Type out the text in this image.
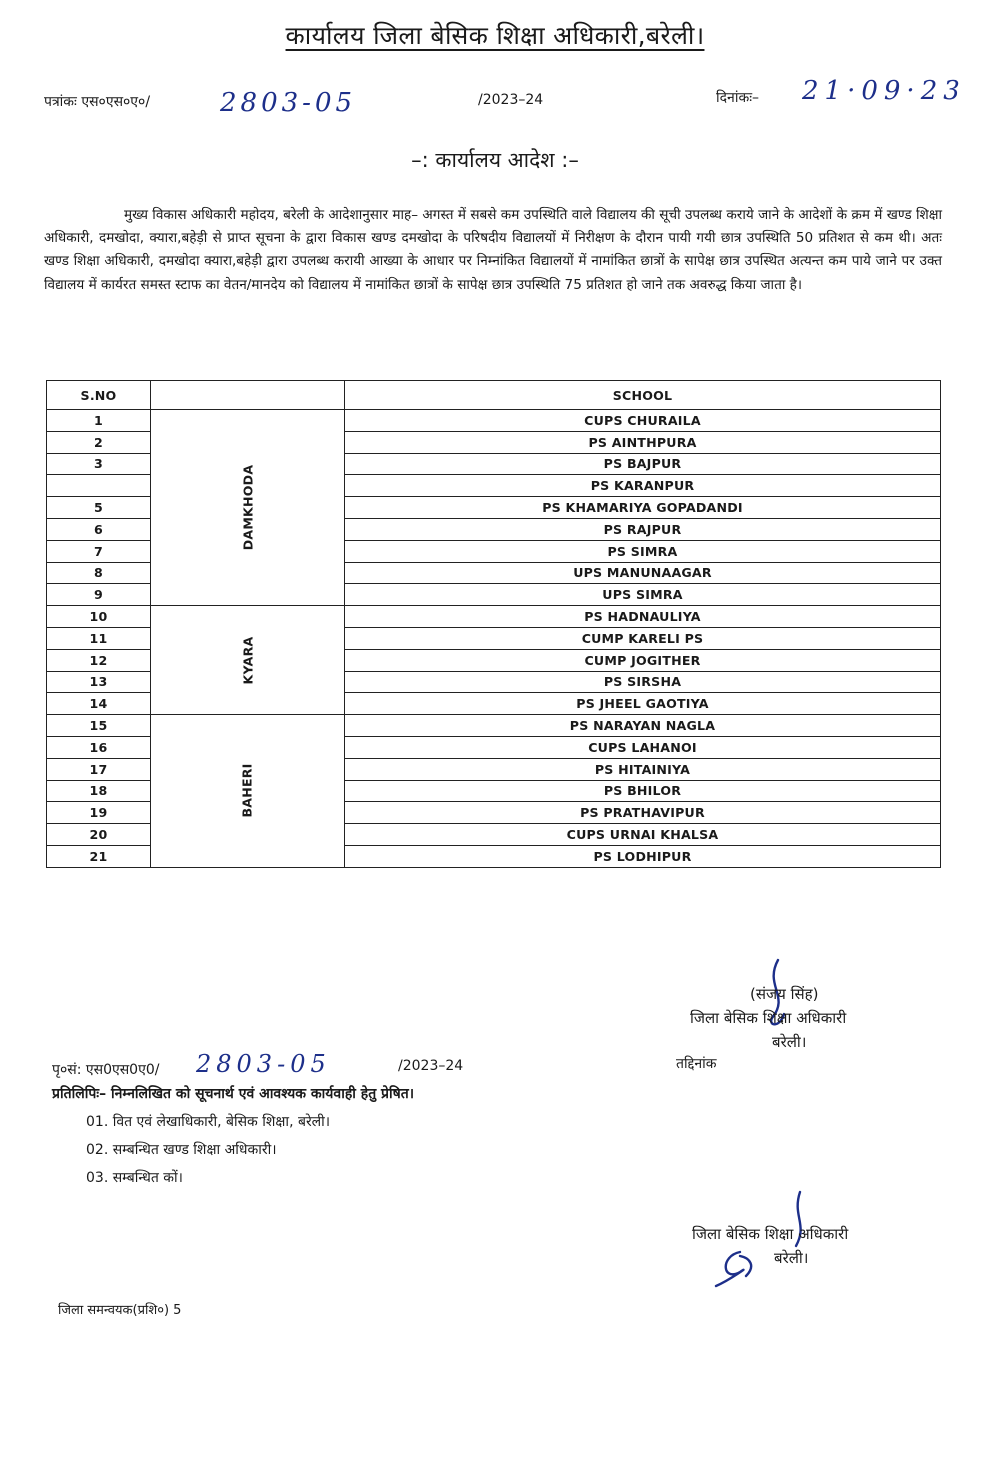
कार्यालय जिला बेसिक शिक्षा अधिकारी,बरेली।
पत्रांकः एस०एस०ए०/	2803-05	/2023–24	दिनांकः– 21·09·23
–: कार्यालय आदेश :–
मुख्य विकास अधिकारी महोदय, बरेली के आदेशानुसार माह– अगस्त में सबसे कम उपस्थिति वाले विद्यालय की सूची उपलब्ध कराये जाने के आदेशों के क्रम में खण्ड शिक्षा अधिकारी, दमखोदा, क्यारा,बहेड़ी से प्राप्त सूचना के द्वारा विकास खण्ड दमखोदा के परिषदीय विद्यालयों में निरीक्षण के दौरान पायी गयी छात्र उपस्थिति 50 प्रतिशत से कम थी। अतः खण्ड शिक्षा अधिकारी, दमखोदा क्यारा,बहेड़ी द्वारा उपलब्ध करायी आख्या के आधार पर निम्नांकित विद्यालयों में नामांकित छात्रों के सापेक्ष छात्र उपस्थित अत्यन्त कम पाये जाने पर उक्त विद्यालय में कार्यरत समस्त स्टाफ का वेतन/मानदेय को विद्यालय में नामांकित छात्रों के सापेक्ष छात्र उपस्थिति 75 प्रतिशत हो जाने तक अवरुद्ध किया जाता है।
S.NO		SCHOOL
1	DAMKHODA	CUPS CHURAILA
2		PS AINTHPURA
3		PS BAJPUR
		PS KARANPUR
5		PS KHAMARIYA GOPADANDI
6		PS RAJPUR
7		PS SIMRA
8		UPS MANUNAAGAR
9		UPS SIMRA
10	KYARA	PS HADNAULIYA
11		CUMP KARELI PS
12		CUMP JOGITHER
13		PS SIRSHA
14		PS JHEEL GAOTIYA
15	BAHERI	PS NARAYAN NAGLA
16		CUPS LAHANOI
17		PS HITAINIYA
18		PS BHILOR
19		PS PRATHAVIPUR
20		CUPS URNAI KHALSA
21		PS LODHIPUR
(संजय सिंह)
जिला बेसिक शिक्षा अधिकारी
बरेली।
पृ०सं: एस0एस0ए0/ 2803-05	/2023–24	तद्दिनांक
प्रतिलिपिः– निम्नलिखित को सूचनार्थ एवं आवश्यक कार्यवाही हेतु प्रेषित।
01. वित एवं लेखाधिकारी, बेसिक शिक्षा, बरेली।
02. सम्बन्धित खण्ड शिक्षा अधिकारी।
03. सम्बन्धित कों।
जिला बेसिक शिक्षा अधिकारी
बरेली।
जिला समन्वयक(प्रशि०) 5
